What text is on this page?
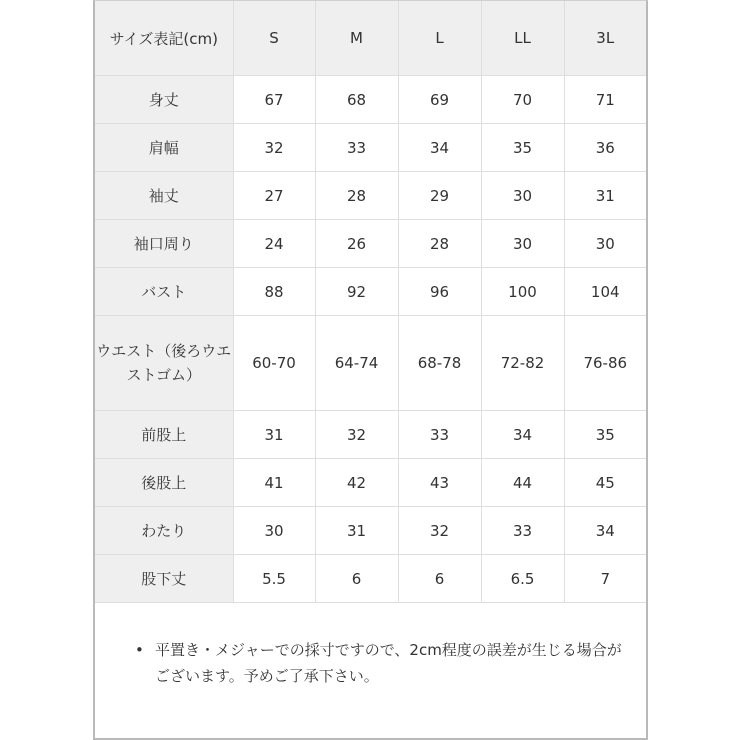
サイズ表記(cm)	S	M	L	LL	3L
身丈	67	68	69	70	71
肩幅	32	33	34	35	36
袖丈	27	28	29	30	31
袖口周り	24	26	28	30	30
バスト	88	92	96	100	104
ウエスト（後ろウエストゴム）	60-70	64-74	68-78	72-82	76-86
前股上	31	32	33	34	35
後股上	41	42	43	44	45
わたり	30	31	32	33	34
股下丈	5.5	6	6	6.5	7
• 平置き・メジャーでの採寸ですので、2cm程度の誤差が生じる場合がございます。予めご了承下さい。
